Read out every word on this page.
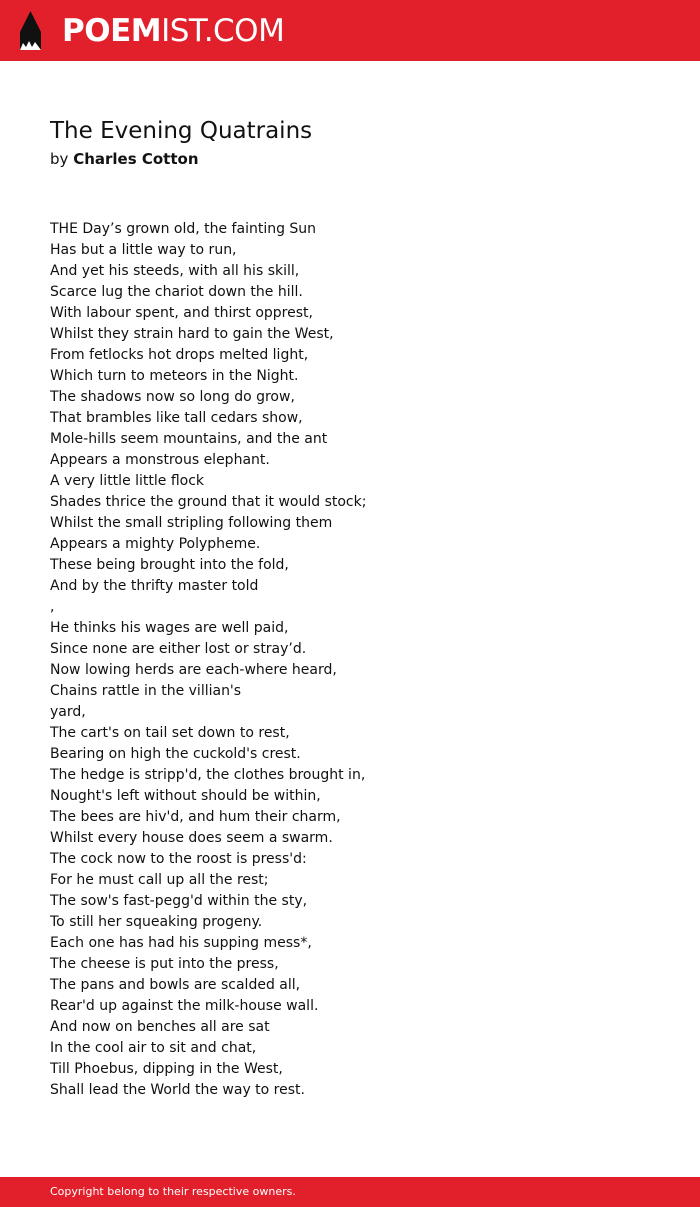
POEMIST.COM
The Evening Quatrains
by Charles Cotton
THE Day’s grown old, the fainting Sun
Has but a little way to run,
And yet his steeds, with all his skill,
Scarce lug the chariot down the hill.
With labour spent, and thirst opprest,
Whilst they strain hard to gain the West,
From fetlocks hot drops melted light,
Which turn to meteors in the Night.
The shadows now so long do grow,
That brambles like tall cedars show,
Mole-hills seem mountains, and the ant
Appears a monstrous elephant.
A very little little flock
Shades thrice the ground that it would stock;
Whilst the small stripling following them
Appears a mighty Polypheme.
These being brought into the fold,
And by the thrifty master told
,
He thinks his wages are well paid,
Since none are either lost or stray’d.
Now lowing herds are each-where heard,
Chains rattle in the villian's
yard,
The cart's on tail set down to rest,
Bearing on high the cuckold's crest.
The hedge is stripp'd, the clothes brought in,
Nought's left without should be within,
The bees are hiv'd, and hum their charm,
Whilst every house does seem a swarm.
The cock now to the roost is press'd:
For he must call up all the rest;
The sow's fast-pegg'd within the sty,
To still her squeaking progeny.
Each one has had his supping mess*,
The cheese is put into the press,
The pans and bowls are scalded all,
Rear'd up against the milk-house wall.
And now on benches all are sat
In the cool air to sit and chat,
Till Phoebus, dipping in the West,
Shall lead the World the way to rest.
Copyright belong to their respective owners.
